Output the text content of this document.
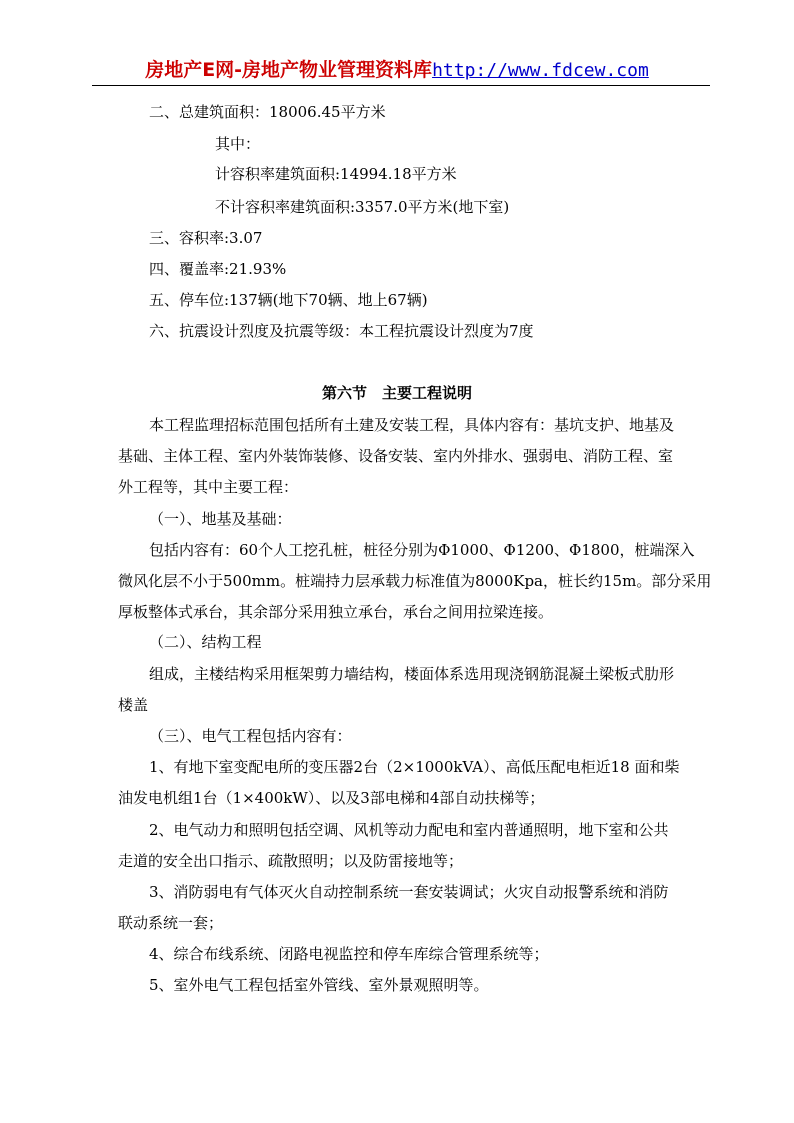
房地产E网-房地产物业管理资料库http://www.fdcew.com
二、总建筑面积：18006.45平方米
其中：
计容积率建筑面积:14994.18平方米
不计容积率建筑面积:3357.0平方米(地下室)
三、容积率:3.07
四、覆盖率:21.93%
五、停车位:137辆(地下70辆、地上67辆)
六、抗震设计烈度及抗震等级：本工程抗震设计烈度为7度
第六节　主要工程说明
本工程监理招标范围包括所有土建及安装工程，具体内容有：基坑支护、地基及
基础、主体工程、室内外装饰装修、设备安装、室内外排水、强弱电、消防工程、室
外工程等，其中主要工程：
（一）、地基及基础：
包括内容有：60个人工挖孔桩，桩径分别为Φ1000、Φ1200、Φ1800，桩端深入
微风化层不小于500mm。桩端持力层承载力标准值为8000Kpa，桩长约15m。部分采用
厚板整体式承台，其余部分采用独立承台，承台之间用拉梁连接。
（二）、结构工程
组成，主楼结构采用框架剪力墙结构，楼面体系选用现浇钢筋混凝土梁板式肋形
楼盖
（三）、电气工程包括内容有：
1、有地下室变配电所的变压器2台（2×1000kVA）、高低压配电柜近18 面和柴
油发电机组1台（1×400kW）、以及3部电梯和4部自动扶梯等；
2、电气动力和照明包括空调、风机等动力配电和室内普通照明，地下室和公共
走道的安全出口指示、疏散照明；以及防雷接地等；
3、消防弱电有气体灭火自动控制系统一套安装调试；火灾自动报警系统和消防
联动系统一套；
4、综合布线系统、闭路电视监控和停车库综合管理系统等；
5、室外电气工程包括室外管线、室外景观照明等。
